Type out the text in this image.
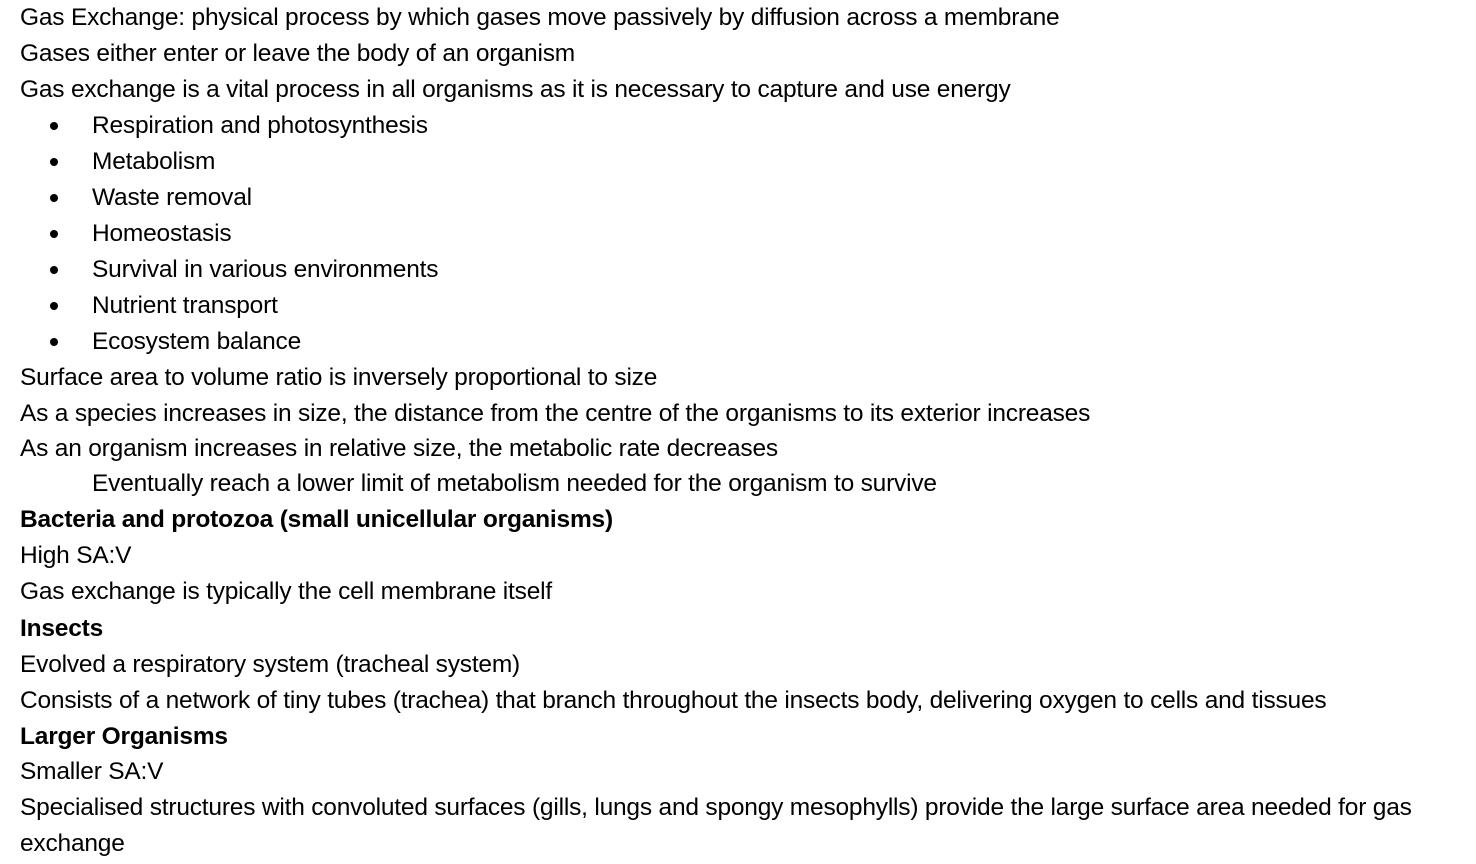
Gas Exchange: physical process by which gases move passively by diffusion across a membrane
Gases either enter or leave the body of an organism
Gas exchange is a vital process in all organisms as it is necessary to capture and use energy
Respiration and photosynthesis
Metabolism
Waste removal
Homeostasis
Survival in various environments
Nutrient transport
Ecosystem balance
Surface area to volume ratio is inversely proportional to size
As a species increases in size, the distance from the centre of the organisms to its exterior increases
As an organism increases in relative size, the metabolic rate decreases
Eventually reach a lower limit of metabolism needed for the organism to survive
Bacteria and protozoa (small unicellular organisms)
High SA:V
Gas exchange is typically the cell membrane itself
Insects
Evolved a respiratory system (tracheal system)
Consists of a network of tiny tubes (trachea) that branch throughout the insects body, delivering oxygen to cells and tissues
Larger Organisms
Smaller SA:V
Specialised structures with convoluted surfaces (gills, lungs and spongy mesophylls) provide the large surface area needed for gas exchange
